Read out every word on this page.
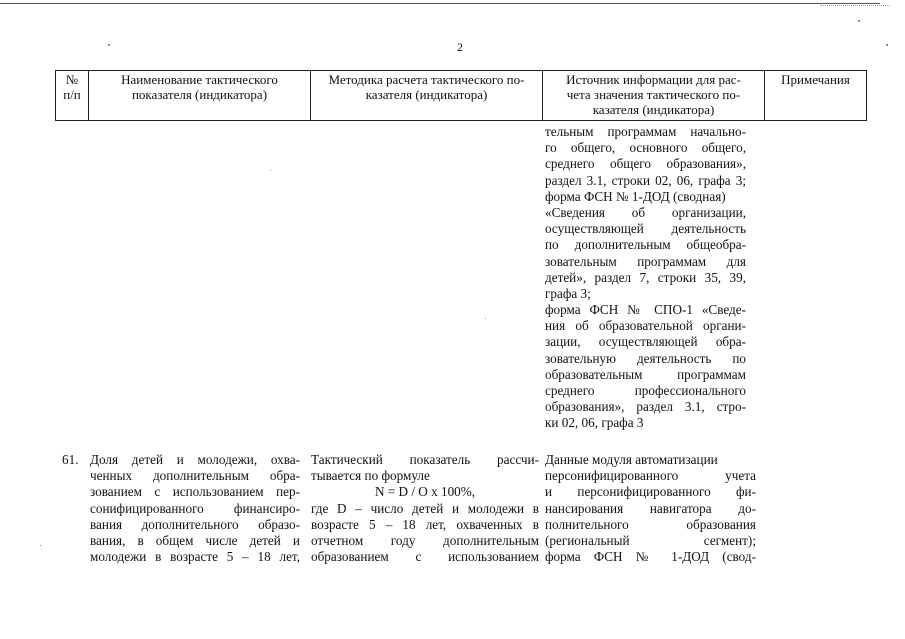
2
№
п/п
Наименование тактического
показателя (индикатора)
Методика расчета тактического по-
казателя (индикатора)
Источник информации для рас-
чета значения тактического по-
казателя (индикатора)
Примечания
тельным программам начально-
го общего, основного общего,
среднего общего образования»,
раздел 3.1, строки 02, 06, графа 3;
форма ФСН № 1-ДОД (сводная)
«Сведения об организации,
осуществляющей деятельность
по дополнительным общеобра-
зовательным программам для
детей», раздел 7, строки 35, 39,
графа 3;
форма ФСН № СПО-1 «Сведе-
ния об образовательной органи-
зации, осуществляющей обра-
зовательную деятельность по
образовательным программам
среднего профессионального
образования», раздел 3.1, стро-
ки 02, 06, графа 3
61. Доля детей и молодежи, охва-
ченных дополнительным обра-
зованием с использованием пер-
сонифицированного финансиро-
вания дополнительного образо-
вания, в общем числе детей и
молодежи в возрасте 5 – 18 лет,
Тактический показатель рассчи-
тывается по формуле
N = D / O x 100%,
где D – число детей и молодежи в
возрасте 5 – 18 лет, охваченных в
отчетном году дополнительным
образованием с использованием
Данные модуля автоматизации
персонифицированного учета
и персонифицированного фи-
нансирования навигатора до-
полнительного образования
(региональный сегмент);
форма ФСН № 1-ДОД (свод-
